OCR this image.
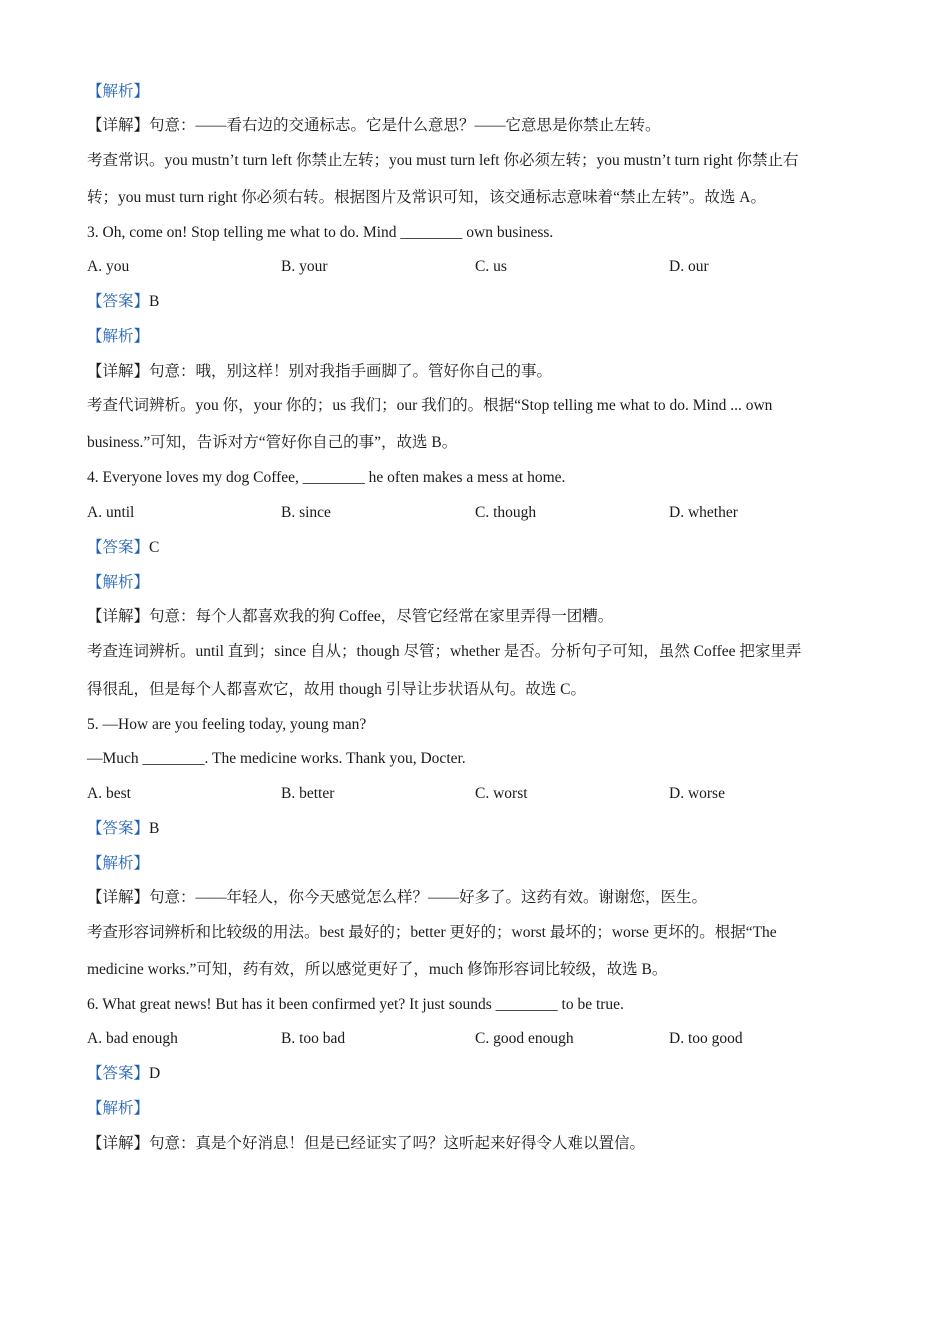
【解析】
【详解】句意：——看右边的交通标志。它是什么意思？——它意思是你禁止左转。
考查常识。you mustn’t turn left 你禁止左转；you must turn left 你必须左转；you mustn’t turn right 你禁止右
转；you must turn right 你必须右转。根据图片及常识可知，该交通标志意味着“禁止左转”。故选 A。
3. Oh, come on! Stop telling me what to do. Mind ________ own business.
A. you	B. your	C. us	D. our
【答案】B
【解析】
【详解】句意：哦，别这样！别对我指手画脚了。管好你自己的事。
考查代词辨析。you 你，your 你的；us 我们；our 我们的。根据“Stop telling me what to do. Mind ... own
business.”可知，告诉对方“管好你自己的事”，故选 B。
4. Everyone loves my dog Coffee, ________ he often makes a mess at home.
A. until	B. since	C. though	D. whether
【答案】C
【解析】
【详解】句意：每个人都喜欢我的狗 Coffee，尽管它经常在家里弄得一团糟。
考查连词辨析。until 直到；since 自从；though 尽管；whether 是否。分析句子可知，虽然 Coffee 把家里弄
得很乱，但是每个人都喜欢它，故用 though 引导让步状语从句。故选 C。
5. —How are you feeling today, young man?
—Much ________. The medicine works. Thank you, Docter.
A. best	B. better	C. worst	D. worse
【答案】B
【解析】
【详解】句意：——年轻人，你今天感觉怎么样？——好多了。这药有效。谢谢您，医生。
考查形容词辨析和比较级的用法。best 最好的；better 更好的；worst 最坏的；worse 更坏的。根据“The
medicine works.”可知，药有效，所以感觉更好了，much 修饰形容词比较级，故选 B。
6. What great news! But has it been confirmed yet? It just sounds ________ to be true.
A. bad enough	B. too bad	C. good enough	D. too good
【答案】D
【解析】
【详解】句意：真是个好消息！但是已经证实了吗？这听起来好得令人难以置信。
